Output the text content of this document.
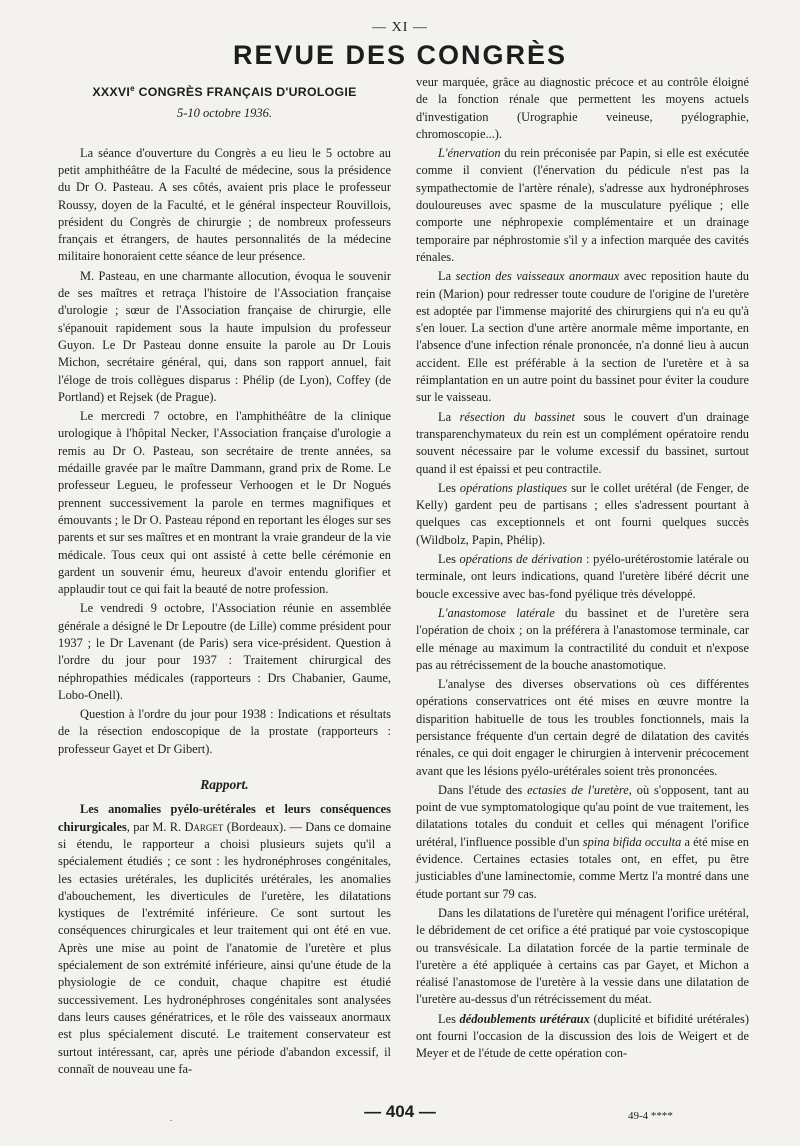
— XI —
REVUE DES CONGRÈS
XXXVIe CONGRÈS FRANÇAIS D'UROLOGIE
5-10 octobre 1936.

La séance d'ouverture du Congrès a eu lieu le 5 octobre au petit amphithéâtre de la Faculté de médecine, sous la présidence du Dr O. Pasteau. A ses côtés, avaient pris place le professeur Roussy, doyen de la Faculté, et le général inspecteur Rouvillois, président du Congrès de chirurgie ; de nombreux professeurs français et étrangers, de hautes personnalités de la médecine militaire honoraient cette séance de leur présence.

M. Pasteau, en une charmante allocution, évoqua le souvenir de ses maîtres et retraça l'histoire de l'Association française d'urologie ; sœur de l'Association française de chirurgie, elle s'épanouit rapidement sous la haute impulsion du professeur Guyon. Le Dr Pasteau donne ensuite la parole au Dr Louis Michon, secrétaire général, qui, dans son rapport annuel, fait l'éloge de trois collègues disparus : Phélip (de Lyon), Coffey (de Portland) et Rejsek (de Prague).

Le mercredi 7 octobre, en l'amphithéâtre de la clinique urologique à l'hôpital Necker, l'Association française d'urologie a remis au Dr O. Pasteau, son secrétaire de trente années, sa médaille gravée par le maître Dammann, grand prix de Rome. Le professeur Legueu, le professeur Verhoogen et le Dr Nogués prennent successivement la parole en termes magnifiques et émouvants ; le Dr O. Pasteau répond en reportant les éloges sur ses parents et sur ses maîtres et en montrant la vraie grandeur de la vie médicale. Tous ceux qui ont assisté à cette belle cérémonie en gardent un souvenir ému, heureux d'avoir entendu glorifier et applaudir tout ce qui fait la beauté de notre profession.

Le vendredi 9 octobre, l'Association réunie en assemblée générale a désigné le Dr Lepoutre (de Lille) comme président pour 1937 ; le Dr Lavenant (de Paris) sera vice-président. Question à l'ordre du jour pour 1937 : Traitement chirurgical des néphropathies médicales (rapporteurs : Drs Chabanier, Gaume, Lobo-Onell).

Question à l'ordre du jour pour 1938 : Indications et résultats de la résection endoscopique de la prostate (rapporteurs : professeur Gayet et Dr Gibert).

Rapport.

Les anomalies pyélo-urétérales et leurs conséquences chirurgicales, par M. R. Darget (Bordeaux). — Dans ce domaine si étendu, le rapporteur a choisi plusieurs sujets qu'il a spécialement étudiés ; ce sont : les hydronéphroses congénitales, les ectasies urétérales, les duplicités urétérales, les anomalies d'abouchement, les diverticules de l'uretère, les dilatations kystiques de l'extrémité inférieure. Ce sont surtout les conséquences chirurgicales et leur traitement qui ont été en vue. Après une mise au point de l'anatomie de l'uretère et plus spécialement de son extrémité inférieure, ainsi qu'une étude de la physiologie de ce conduit, chaque chapitre est étudié successivement. Les hydronéphroses congénitales sont analysées dans leurs causes génératrices, et le rôle des vaisseaux anormaux est plus spécialement discuté. Le traitement conservateur est surtout intéressant, car, après une période d'abandon excessif, il connaît de nouveau une fa-

veur marquée, grâce au diagnostic précoce et au contrôle éloigné de la fonction rénale que permettent les moyens actuels d'investigation (Urographie veineuse, pyélographie, chromoscopie...).

L'énervation du rein préconisée par Papin, si elle est exécutée comme il convient (l'énervation du pédicule n'est pas la sympathectomie de l'artère rénale), s'adresse aux hydronéphroses douloureuses avec spasme de la musculature pyélique ; elle comporte une néphropexie complémentaire et un drainage temporaire par néphrostomie s'il y a infection marquée des cavités rénales.

La section des vaisseaux anormaux avec reposition haute du rein (Marion) pour redresser toute coudure de l'origine de l'uretère est adoptée par l'immense majorité des chirurgiens qui n'a eu qu'à s'en louer. La section d'une artère anormale même importante, en l'absence d'une infection rénale prononcée, n'a donné lieu à aucun accident. Elle est préférable à la section de l'uretère et à sa réimplantation en un autre point du bassinet pour éviter la coudure sur le vaisseau.

La résection du bassinet sous le couvert d'un drainage transparenchymateux du rein est un complément opératoire rendu souvent nécessaire par le volume excessif du bassinet, surtout quand il est épaissi et peu contractile.

Les opérations plastiques sur le collet urétéral (de Fenger, de Kelly) gardent peu de partisans ; elles s'adressent pourtant à quelques cas exceptionnels et ont fourni quelques succès (Wildbolz, Papin, Phélip).

Les opérations de dérivation : pyélo-urétérostomie latérale ou terminale, ont leurs indications, quand l'uretère libéré décrit une boucle excessive avec bas-fond pyélique très développé.

L'anastomose latérale du bassinet et de l'uretère sera l'opération de choix ; on la préférera à l'anastomose terminale, car elle ménage au maximum la contractilité du conduit et n'expose pas au rétrécissement de la bouche anastomotique.

L'analyse des diverses observations où ces différentes opérations conservatrices ont été mises en œuvre montre la disparition habituelle de tous les troubles fonctionnels, mais la persistance fréquente d'un certain degré de dilatation des cavités rénales, ce qui doit engager le chirurgien à intervenir précocement avant que les lésions pyélo-urétérales soient très prononcées.

Dans l'étude des ectasies de l'uretère, où s'opposent, tant au point de vue symptomatologique qu'au point de vue traitement, les dilatations totales du conduit et celles qui ménagent l'orifice urétéral, l'influence possible d'un spina bifida occulta a été mise en évidence. Certaines ectasies totales ont, en effet, pu être justiciables d'une laminectomie, comme Mertz l'a montré dans une étude portant sur 79 cas.

Dans les dilatations de l'uretère qui ménagent l'orifice urétéral, le débridement de cet orifice a été pratiqué par voie cystoscopique ou transvésicale. La dilatation forcée de la partie terminale de l'uretère a été appliquée à certains cas par Gayet, et Michon a réalisé l'anastomose de l'uretère à la vessie dans une dilatation de l'uretère au-dessus d'un rétrécissement du méat.

Les dédoublements urétéraux (duplicité et bifidité urétérales) ont fourni l'occasion de la discussion des lois de Weigert et de Meyer et de l'étude de cette opération con-

.	— 404 —	49-4 ****
